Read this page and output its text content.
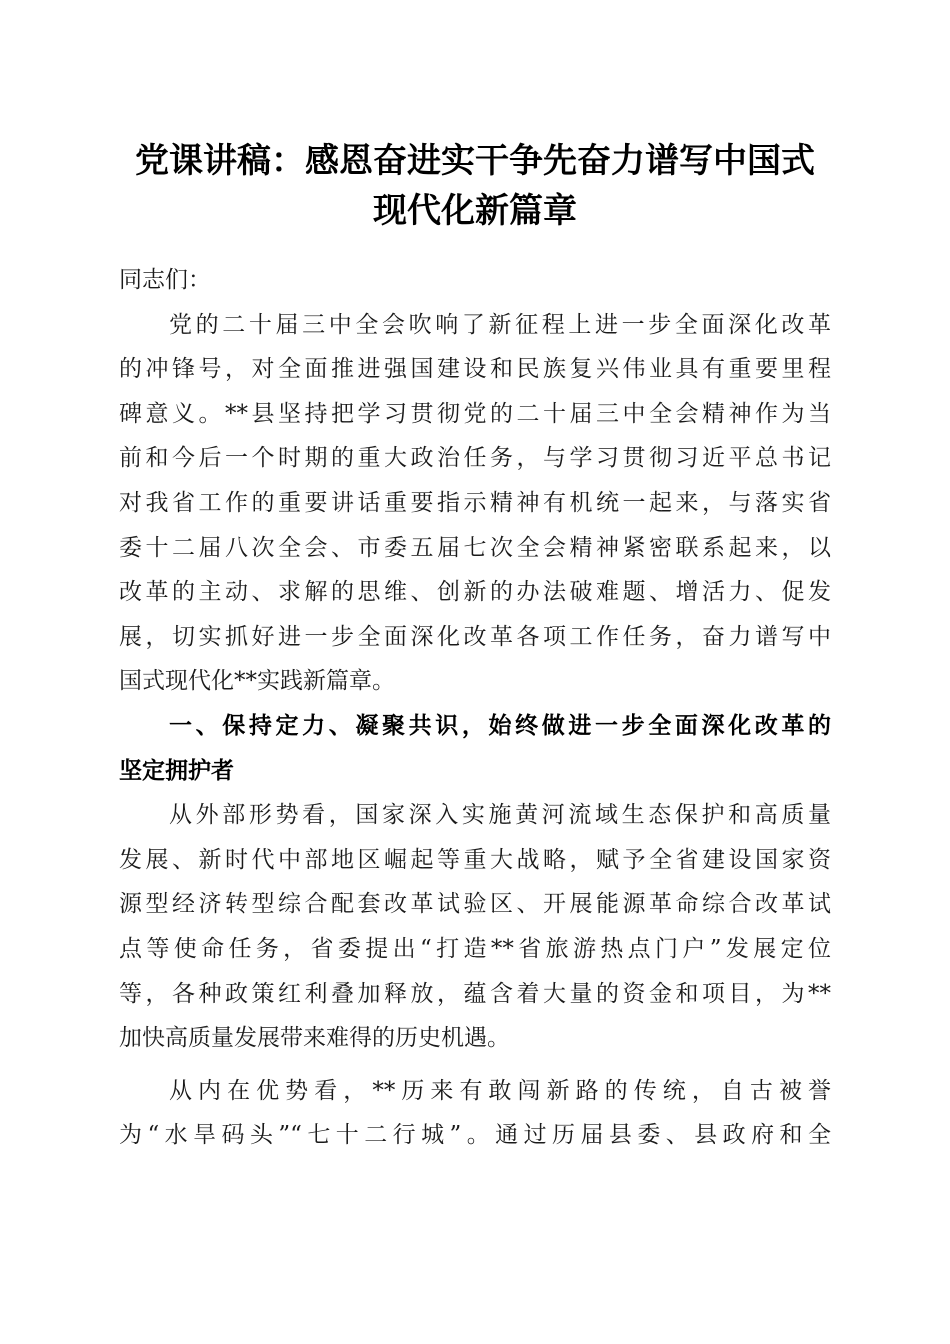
党课讲稿：感恩奋进实干争先奋力谱写中国式
现代化新篇章
同志们：
党的二十届三中全会吹响了新征程上进一步全面深化改革
的冲锋号，对全面推进强国建设和民族复兴伟业具有重要里程
碑意义。**县坚持把学习贯彻党的二十届三中全会精神作为当
前和今后一个时期的重大政治任务，与学习贯彻习近平总书记
对我省工作的重要讲话重要指示精神有机统一起来，与落实省
委十二届八次全会、市委五届七次全会精神紧密联系起来，以
改革的主动、求解的思维、创新的办法破难题、增活力、促发
展，切实抓好进一步全面深化改革各项工作任务，奋力谱写中
国式现代化**实践新篇章。
一、保持定力、凝聚共识，始终做进一步全面深化改革的
坚定拥护者
从外部形势看，国家深入实施黄河流域生态保护和高质量
发展、新时代中部地区崛起等重大战略，赋予全省建设国家资
源型经济转型综合配套改革试验区、开展能源革命综合改革试
点等使命任务，省委提出“打造**省旅游热点门户”发展定位
等，各种政策红利叠加释放，蕴含着大量的资金和项目，为**
加快高质量发展带来难得的历史机遇。
从内在优势看，**历来有敢闯新路的传统，自古被誉
为“水旱码头”“七十二行城”。通过历届县委、县政府和全
